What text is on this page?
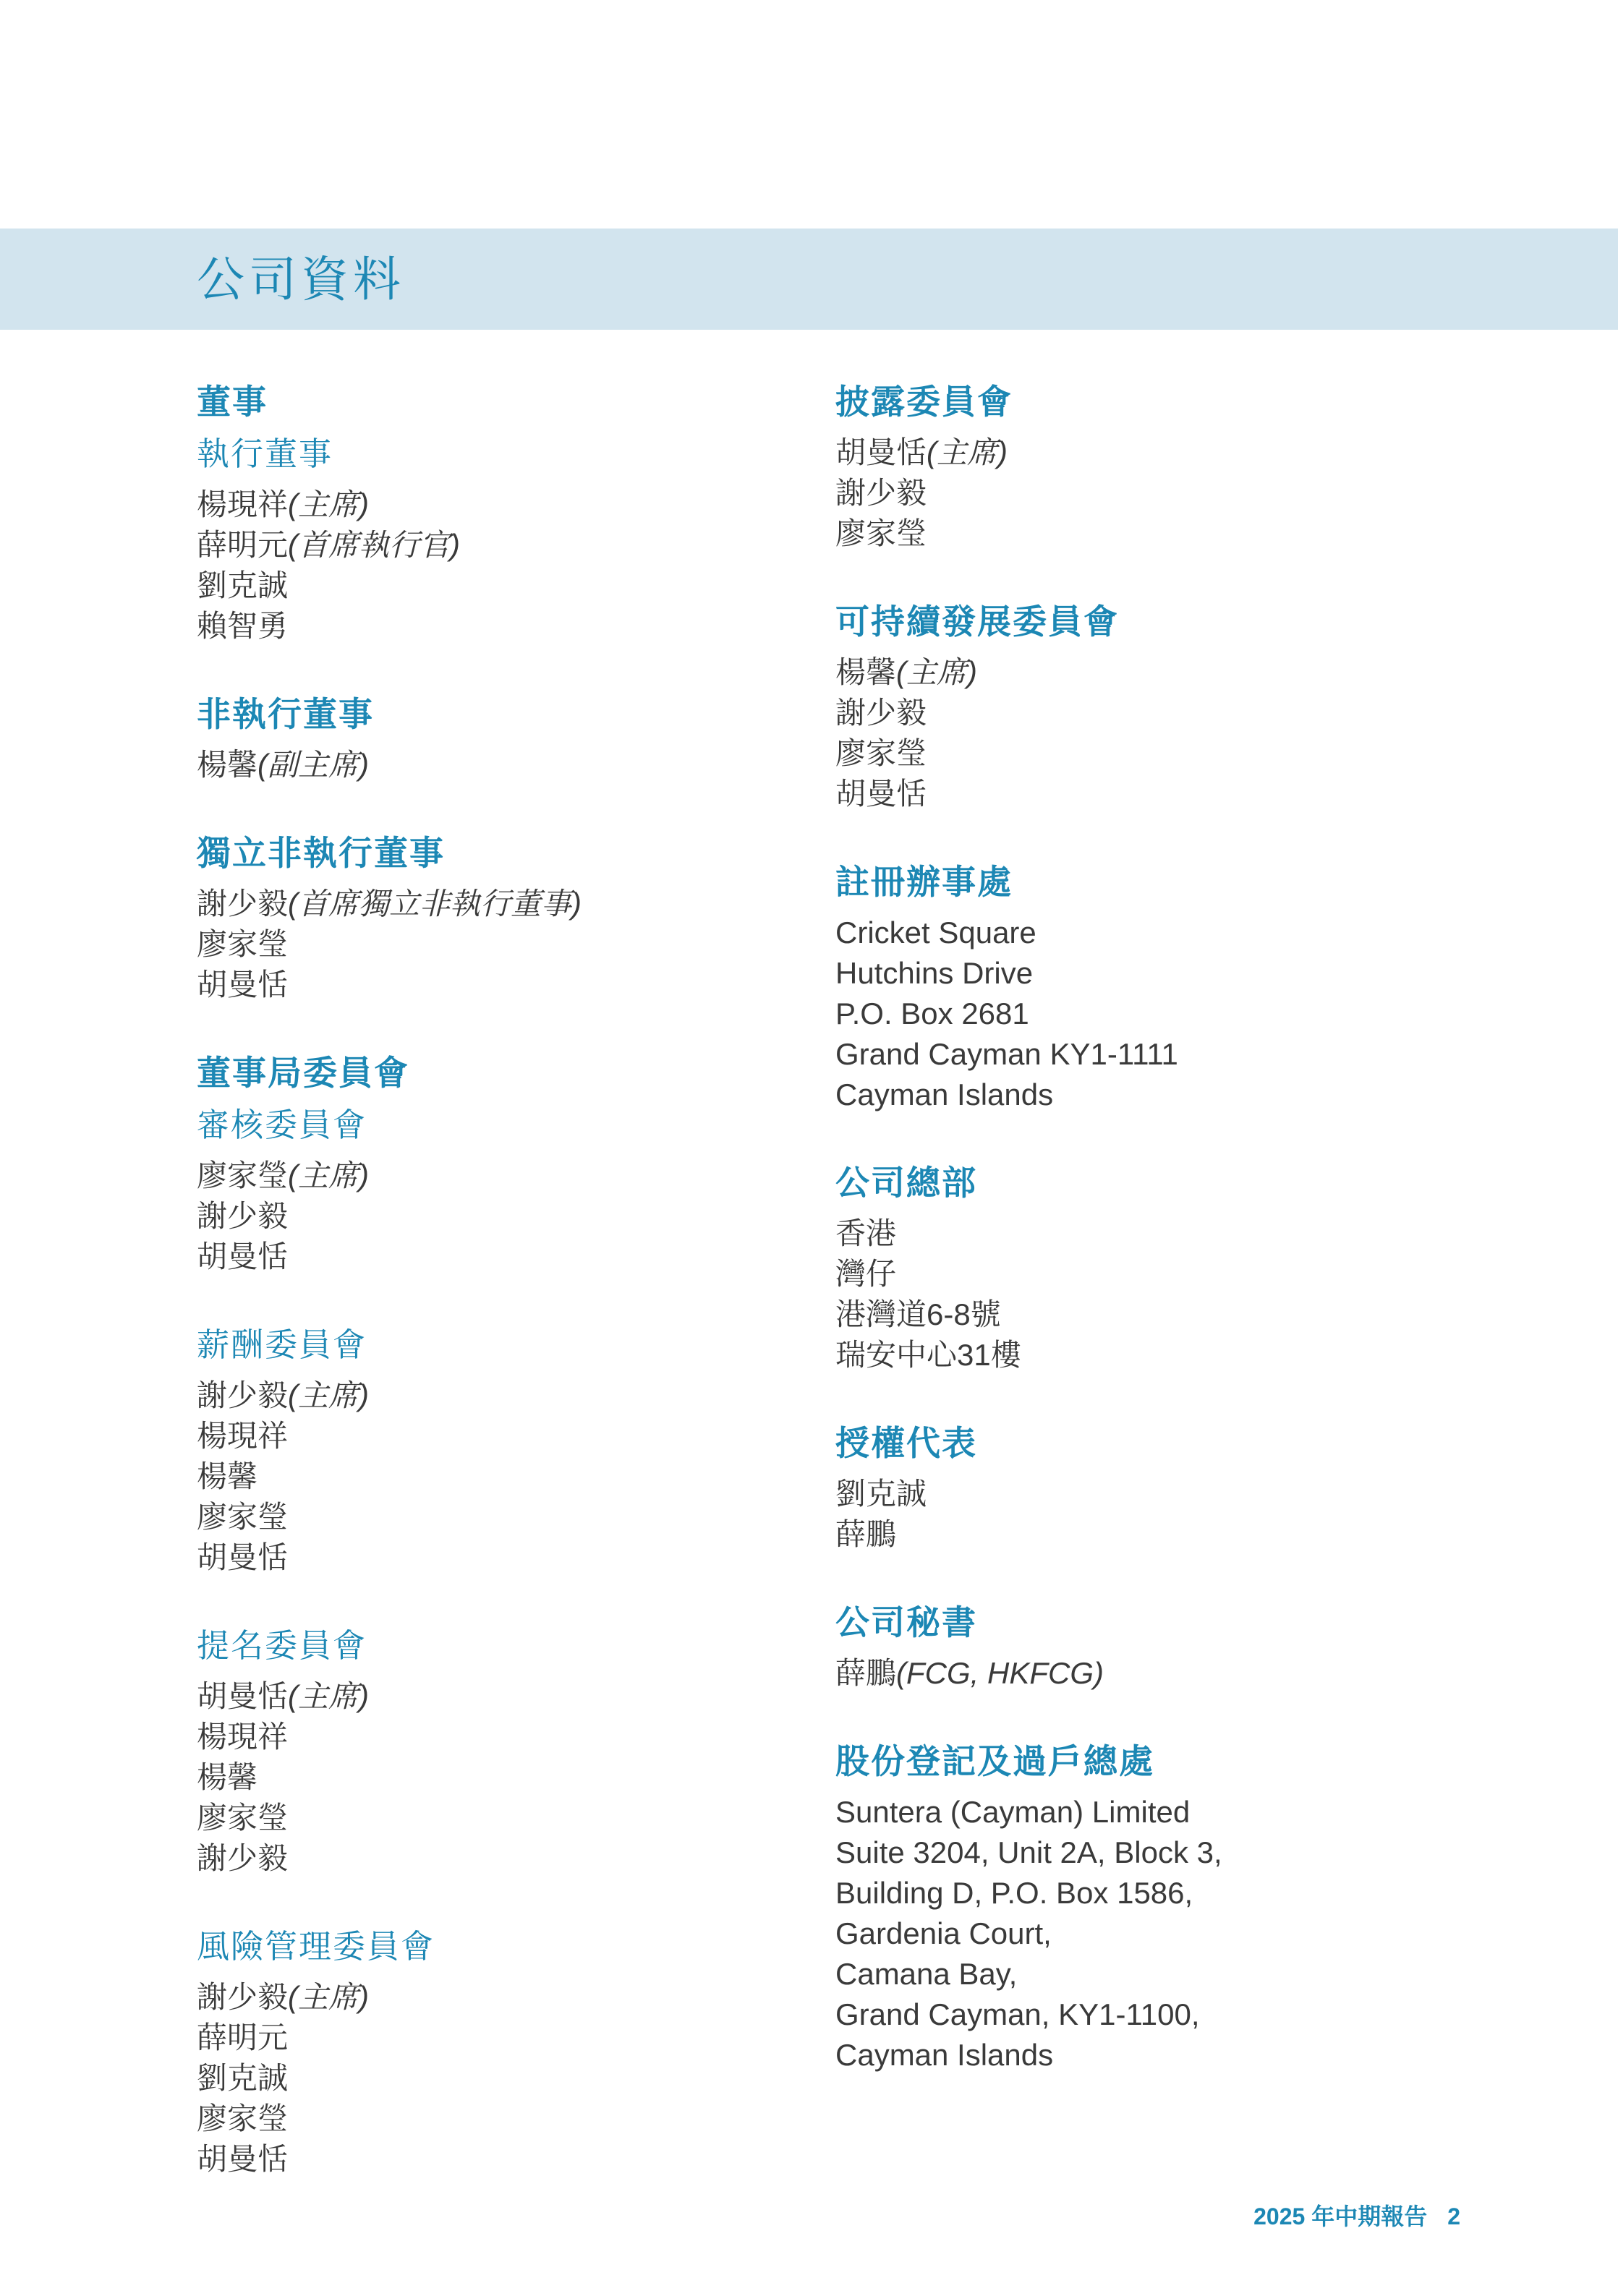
公司資料
董事
執行董事
楊現祥(主席)
薛明元(首席執行官)
劉克誠
賴智勇
非執行董事
楊馨(副主席)
獨立非執行董事
謝少毅(首席獨立非執行董事)
廖家瑩
胡曼恬
董事局委員會
審核委員會
廖家瑩(主席)
謝少毅
胡曼恬
薪酬委員會
謝少毅(主席)
楊現祥
楊馨
廖家瑩
胡曼恬
提名委員會
胡曼恬(主席)
楊現祥
楊馨
廖家瑩
謝少毅
風險管理委員會
謝少毅(主席)
薛明元
劉克誠
廖家瑩
胡曼恬
披露委員會
胡曼恬(主席)
謝少毅
廖家瑩
可持續發展委員會
楊馨(主席)
謝少毅
廖家瑩
胡曼恬
註冊辦事處
Cricket Square
Hutchins Drive
P.O. Box 2681
Grand Cayman KY1-1111
Cayman Islands
公司總部
香港
灣仔
港灣道6-8號
瑞安中心31樓
授權代表
劉克誠
薛鵬
公司秘書
薛鵬(FCG, HKFCG)
股份登記及過戶總處
Suntera (Cayman) Limited
Suite 3204, Unit 2A, Block 3,
Building D, P.O. Box 1586,
Gardenia Court,
Camana Bay,
Grand Cayman, KY1-1100,
Cayman Islands
2025 年中期報告 2
